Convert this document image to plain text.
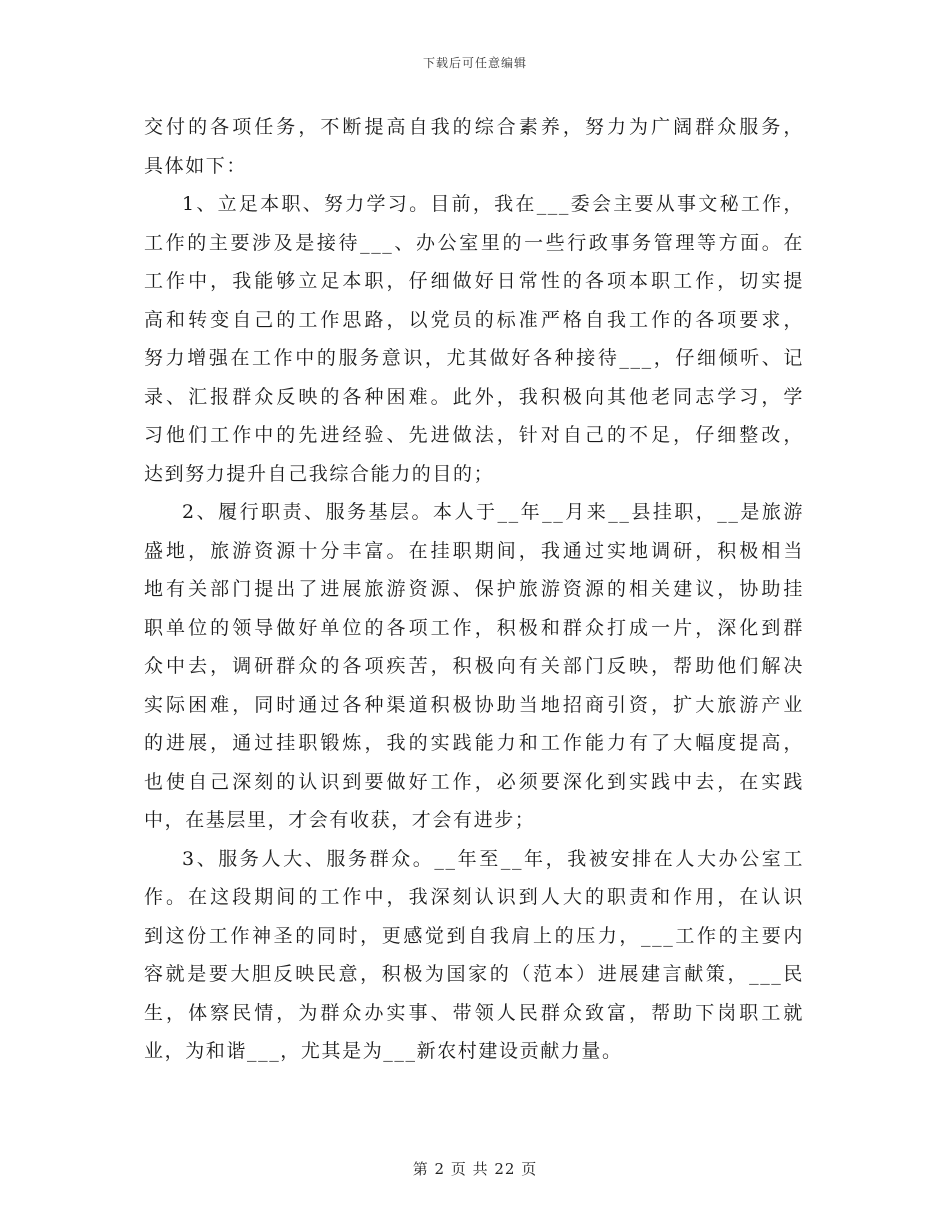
下载后可任意编辑
交付的各项任务，不断提高自我的综合素养，努力为广阔群众服务，
具体如下：
1、立足本职、努力学习。目前，我在___委会主要从事文秘工作，
工作的主要涉及是接待___、办公室里的一些行政事务管理等方面。在
工作中，我能够立足本职，仔细做好日常性的各项本职工作，切实提
高和转变自己的工作思路，以党员的标准严格自我工作的各项要求，
努力增强在工作中的服务意识，尤其做好各种接待___，仔细倾听、记
录、汇报群众反映的各种困难。此外，我积极向其他老同志学习，学
习他们工作中的先进经验、先进做法，针对自己的不足，仔细整改，
达到努力提升自己我综合能力的目的；
2、履行职责、服务基层。本人于__年__月来__县挂职，__是旅游
盛地，旅游资源十分丰富。在挂职期间，我通过实地调研，积极相当
地有关部门提出了进展旅游资源、保护旅游资源的相关建议，协助挂
职单位的领导做好单位的各项工作，积极和群众打成一片，深化到群
众中去，调研群众的各项疾苦，积极向有关部门反映，帮助他们解决
实际困难，同时通过各种渠道积极协助当地招商引资，扩大旅游产业
的进展，通过挂职锻炼，我的实践能力和工作能力有了大幅度提高，
也使自己深刻的认识到要做好工作，必须要深化到实践中去，在实践
中，在基层里，才会有收获，才会有进步；
3、服务人大、服务群众。__年至__年，我被安排在人大办公室工
作。在这段期间的工作中，我深刻认识到人大的职责和作用，在认识
到这份工作神圣的同时，更感觉到自我肩上的压力，___工作的主要内
容就是要大胆反映民意，积极为国家的（范本）进展建言献策，___民
生，体察民情，为群众办实事、带领人民群众致富，帮助下岗职工就
业，为和谐___，尤其是为___新农村建设贡献力量。
第 2 页 共 22 页
